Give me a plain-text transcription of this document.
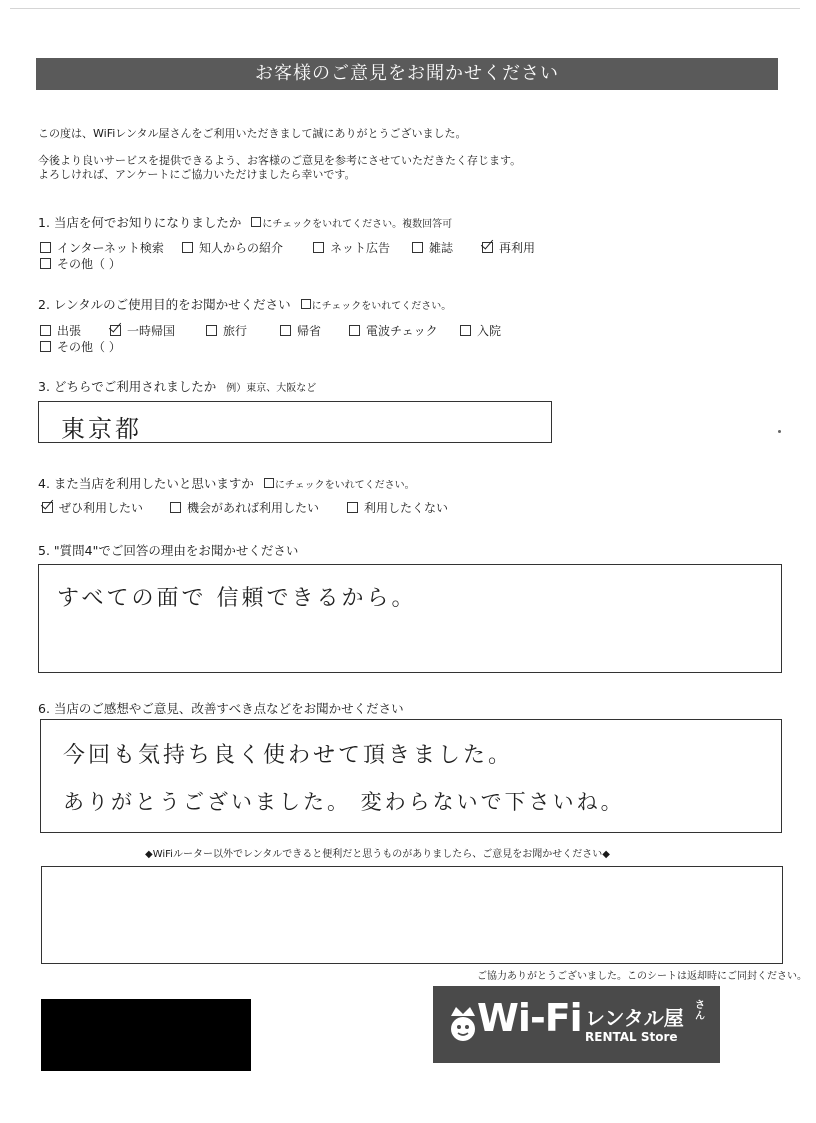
お客様のご意見をお聞かせください
この度は、WiFiレンタル屋さんをご利用いただきまして誠にありがとうございました。
今後より良いサービスを提供できるよう、お客様のご意見を参考にさせていただきたく存じます。
よろしければ、アンケートにご協力いただけましたら幸いです。
1. 当店を何でお知りになりましたか にチェックをいれてください。複数回答可
インターネット検索	知人からの紹介	ネット広告	雑誌	再利用
その他（ ）
2. レンタルのご使用目的をお聞かせください にチェックをいれてください。
出張	一時帰国	旅行	帰省	電波チェック	入院
その他（ ）
3. どちらでご利用されましたか 例）東京、大阪など
東京都
4. また当店を利用したいと思いますか にチェックをいれてください。
ぜひ利用したい	機会があれば利用したい	利用したくない
5. "質問4"でご回答の理由をお聞かせください
すべての面で 信頼できるから。
6. 当店のご感想やご意見、改善すべき点などをお聞かせください
今回も気持ち良く使わせて頂きました。
ありがとうございました。 変わらないで下さいね。
◆WiFiルーター以外でレンタルできると便利だと思うものがありましたら、ご意見をお聞かせください◆
ご協力ありがとうございました。このシートは返却時にご同封ください。
Wi-Fi レンタル屋
さん
RENTAL Store
